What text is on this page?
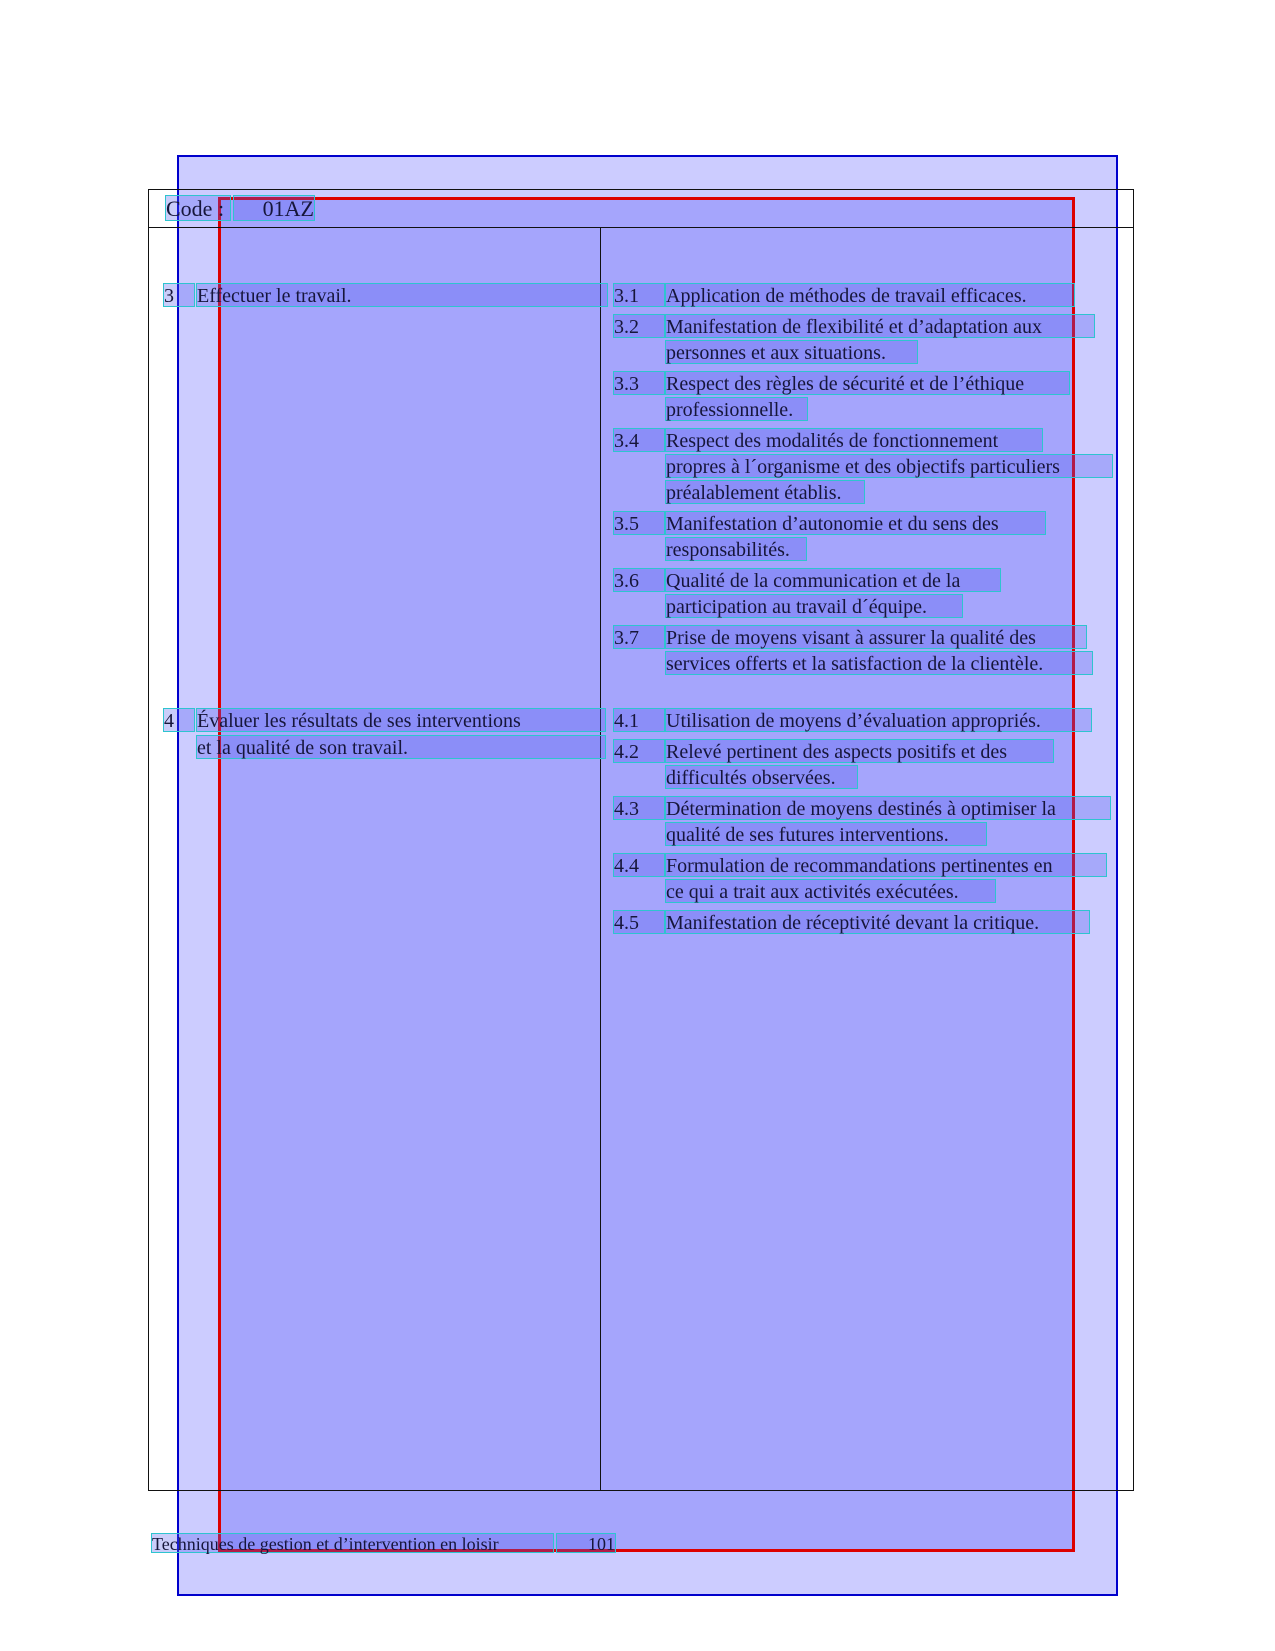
Code :	01AZ
3	Effectuer le travail.	3.1	Application de méthodes de travail efficaces.
3.2	Manifestation de flexibilité et d’adaptation aux
personnes et aux situations.
3.3	Respect des règles de sécurité et de l’éthique
professionnelle.
3.4	Respect des modalités de fonctionnement
propres à l´organisme et des objectifs particuliers
préalablement établis.
3.5	Manifestation d’autonomie et du sens des
responsabilités.
3.6	Qualité de la communication et de la
participation au travail d´équipe.
3.7	Prise de moyens visant à assurer la qualité des
services offerts et la satisfaction de la clientèle.
4	Évaluer les résultats de ses interventions
et la qualité de son travail.
4.1	Utilisation de moyens d’évaluation appropriés.
4.2	Relevé pertinent des aspects positifs et des
difficultés observées.
4.3	Détermination de moyens destinés à optimiser la
qualité de ses futures interventions.
4.4	Formulation de recommandations pertinentes en
ce qui a trait aux activités exécutées.
4.5	Manifestation de réceptivité devant la critique.
Techniques de gestion et d’intervention en loisir	101
